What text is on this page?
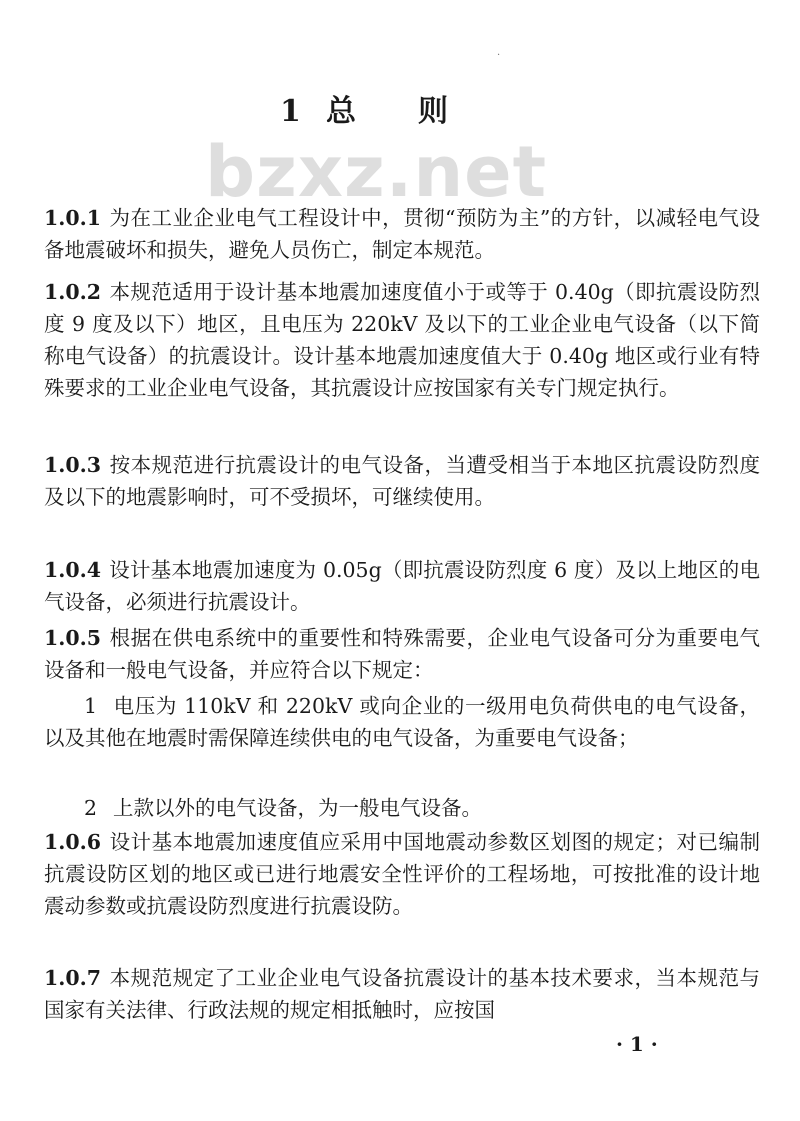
·
1 总 则
bzxz.net

1.0.1 为在工业企业电气工程设计中，贯彻“预防为主”的方针，以减轻电气设备地震破坏和损失，避免人员伤亡，制定本规范。

1.0.2 本规范适用于设计基本地震加速度值小于或等于 0.40g（即抗震设防烈度 9 度及以下）地区，且电压为 220kV 及以下的工业企业电气设备（以下简称电气设备）的抗震设计。设计基本地震加速度值大于 0.40g 地区或行业有特殊要求的工业企业电气设备，其抗震设计应按国家有关专门规定执行。

1.0.3 按本规范进行抗震设计的电气设备，当遭受相当于本地区抗震设防烈度及以下的地震影响时，可不受损坏，可继续使用。

1.0.4 设计基本地震加速度为 0.05g（即抗震设防烈度 6 度）及以上地区的电气设备，必须进行抗震设计。

1.0.5 根据在供电系统中的重要性和特殊需要，企业电气设备可分为重要电气设备和一般电气设备，并应符合以下规定：

1 电压为 110kV 和 220kV 或向企业的一级用电负荷供电的电气设备，以及其他在地震时需保障连续供电的电气设备，为重要电气设备；

2 上款以外的电气设备，为一般电气设备。

1.0.6 设计基本地震加速度值应采用中国地震动参数区划图的规定；对已编制抗震设防区划的地区或已进行地震安全性评价的工程场地，可按批准的设计地震动参数或抗震设防烈度进行抗震设防。

1.0.7 本规范规定了工业企业电气设备抗震设计的基本技术要求，当本规范与国家有关法律、行政法规的规定相抵触时，应按国

· 1 ·
